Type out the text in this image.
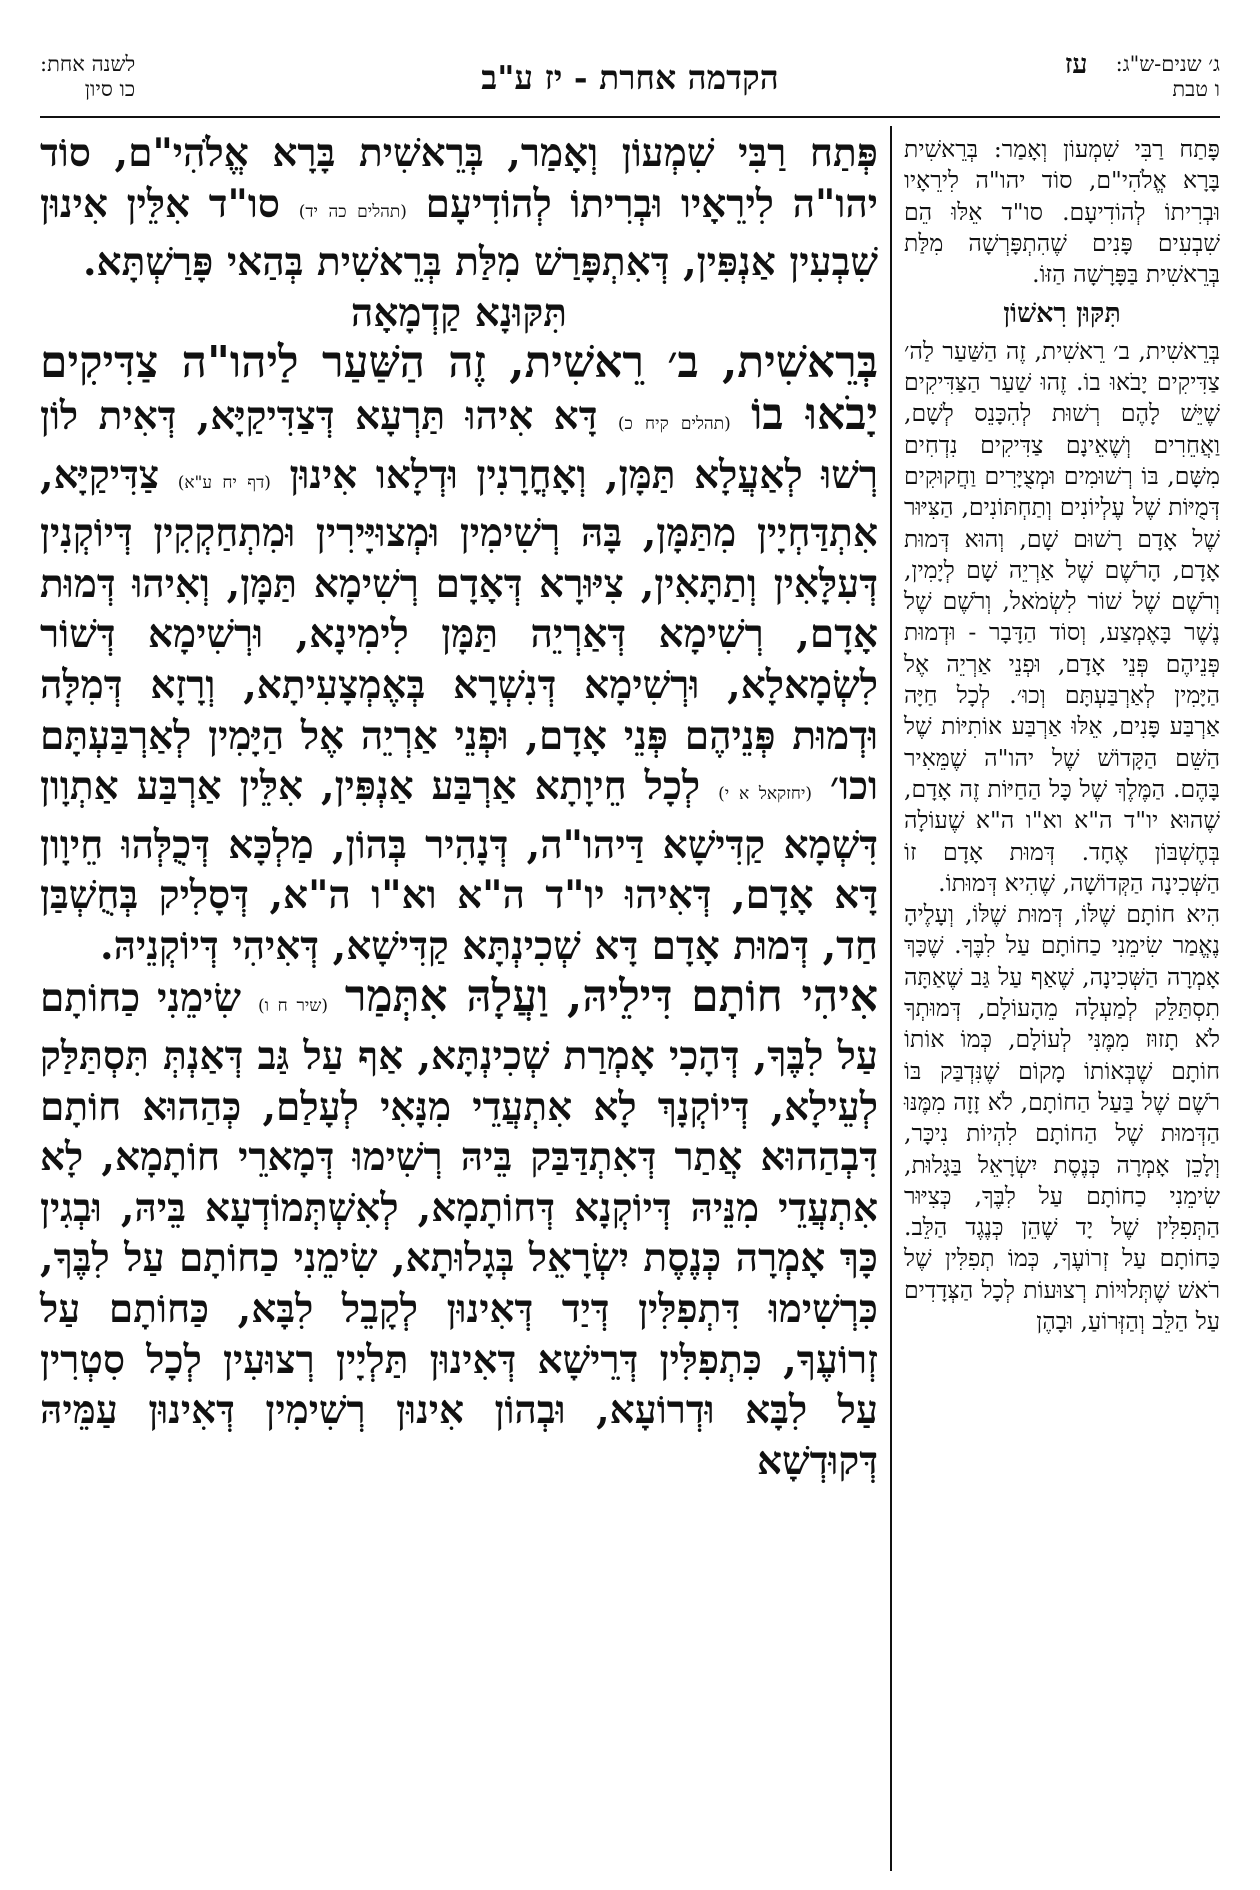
לשנה אחת:
כו סיון	הקדמה אחרת - יז ע"ב	ג׳ שנים-ש"ג:
ו טבת
עז

פְּתַח רַבִּי שִׁמְעוֹן וְאָמַר, בְּרֵאשִׁית בָּרָא אֱלֹהִי"ם, סוֹד יהו"ה לִירֵאָיו וּבְרִיתוֹ לְהוֹדִיעָם (תהלים כה יד) סו"ד אִלֵּין אִינוּן שִׁבְעִין אַנְפִּין, דְּאִתְפָּרַשׁ מִלַּת בְּרֵאשִׁית בְּהַאי פָּרַשְׁתָּא.

תִּקּוּנָא קַדְמָאָה

בְּרֵאשִׁית, ב׳ רֵאשִׁית, זֶה הַשַּׁעַר לַיהו"ה צַדִּיקִים יָבֹאוּ בוֹ (תהלים קיח כ) דָּא אִיהוּ תַּרְעָא דְּצַדִּיקַיָּא, דְּאִית לוֹן רְשׁוּ לְאַעֲלָא תַּמָּן, וְאָחֳרָנִין וּדְלָאו אִינוּן (דף יח ע"א) צַדִּיקַיָּא, אִתְדַּחְיָין מִתַּמָּן, בָּהּ רְשִׁימִין וּמְצוּיָּירִין וּמִתְחַקְקִין דְּיוֹקְנִין דְּעִלָּאִין וְתַתָּאִין, צִיּוּרָא דְּאָדָם רְשִׁימָא תַּמָּן, וְאִיהוּ דְּמוּת אָדָם, רְשִׁימָא דְּאַרְיֵה תַּמָּן לִימִינָא, וּרְשִׁימָא דְּשׁוֹר לִשְׂמָאלָא, וּרְשִׁימָא דְּנִשְׁרָא בְּאֶמְצָעִיתָא, וְרָזָא דְּמִלָּה וּדְמוּת פְּנֵיהֶם פְּנֵי אָדָם, וּפְנֵי אַרְיֵה אֶל הַיָּמִין לְאַרְבַּעְתָּם וכו׳ (יחזקאל א י) לְכָל חֵיוָתָא אַרְבַּע אַנְפִּין, אִלֵּין אַרְבַּע אַתְוָון דִּשְׁמָא קַדִּישָׁא דַּיהו"ה, דְּנָהִיר בְּהוֹן, מַלְכָּא דְּכֻלְּהוּ חֵיוָון דָּא אָדָם, דְּאִיהוּ יו"ד ה"א וא"ו ה"א, דְּסָלִיק בְּחֻשְׁבַּן חַד, דְּמוּת אָדָם דָּא שְׁכִינְתָּא קַדִּישָׁא, דְּאִיהִי דְּיוֹקְנֵיהּ.

אִיהִי חוֹתָם דִּילֵיהּ, וַעֲלָהּ אִתְּמַר (שיר ח ו) שִׂימֵנִי כַחוֹתָם עַל לִבֶּךָ, דְּהָכִי אָמְרַת שְׁכִינְתָּא, אַף עַל גַּב דְּאַנְתְּ תִּסְתַּלַּק לְעֵילָא, דְּיוֹקְנָךְ לָא אִתְעֲדֵי מִנָּאִי לְעָלַם, כְּהַהוּא חוֹתָם דִּבְהַהוּא אֲתַר דְּאִתְדַּבַּק בֵּיהּ רְשִׁימוּ דְּמָארֵי חוֹתָמָא, לָא אִתְעֲדֵי מִנֵּיהּ דְּיוֹקְנָא דְּחוֹתָמָא, לְאִשְׁתְּמוֹדְעָא בֵּיהּ, וּבְגִין כָּךְ אָמְרָה כְּנֶסֶת יִשְׂרָאֵל בְּגָלוּתָא, שִׂימֵנִי כַחוֹתָם עַל לִבֶּךָ, כִּרְשִׁימוּ דִּתְפִלִּין דְּיַד דְּאִינוּן לְקָבֵל לִבָּא, כַּחוֹתָם עַל זְרוֹעֶךָ, כִּתְפִלִּין דְּרֵישָׁא דְּאִינוּן תַּלְיָין רְצוּעִין לְכָל סִטְרִין עַל לִבָּא וּדְרוֹעָא, וּבְהוֹן אִינוּן רְשִׁימִין דְּאִינוּן עַמֵּיהּ דְּקוּדְשָׁא

פָּתַח רַבִּי שִׁמְעוֹן וְאָמַר: בְּרֵאשִׁית בָּרָא אֱלֹהִי"ם, סוֹד יהו"ה לִירֵאָיו וּבְרִיתוֹ לְהוֹדִיעָם. סו"ד אֵלּוּ הֵם שִׁבְעִים פָּנִים שֶׁהִתְפָּרְשָׁה מִלַּת בְּרֵאשִׁית בַּפָּרָשָׁה הַזּוֹ.

תִּקּוּן רִאשׁוֹן

בְּרֵאשִׁית, ב׳ רֵאשִׁית, זֶה הַשַּׁעַר לַה׳ צַדִּיקִים יָבֹאוּ בוֹ. זֶהוּ שַׁעַר הַצַּדִּיקִים שֶׁיֵּשׁ לָהֶם רְשׁוּת לְהִכָּנֵס לְשָׁם, וַאֲחֵרִים וְשֶׁאֵינָם צַדִּיקִים נִדְחִים מִשָּׁם, בּוֹ רְשׁוּמִים וּמְצֻיָּרִים וַחֲקוּקִים דְּמֻיּוֹת שֶׁל עֶלְיוֹנִים וְתַחְתּוֹנִים, הַצִּיּוּר שֶׁל אָדָם רָשׁוּם שָׁם, וְהוּא דְּמוּת אָדָם, הָרֹשֶׁם שֶׁל אַרְיֵה שָׁם לְיָמִין, וְרֹשֶׁם שֶׁל שׁוֹר לִשְׂמֹאל, וְרֹשֶׁם שֶׁל נֶשֶׁר בָּאֶמְצַע, וְסוֹד הַדָּבָר - וּדְמוּת פְּנֵיהֶם פְּנֵי אָדָם, וּפְנֵי אַרְיֵה אֶל הַיָּמִין לְאַרְבַּעְתָּם וְכוּ׳. לְכָל חַיָּה אַרְבַּע פָּנִים, אֵלּוּ אַרְבַּע אוֹתִיּוֹת שֶׁל הַשֵּׁם הַקָּדוֹשׁ שֶׁל יהו"ה שֶׁמֵּאִיר בָּהֶם. הַמֶּלֶךְ שֶׁל כָּל הַחַיּוֹת זֶה אָדָם, שֶׁהוּא יו"ד ה"א וא"ו ה"א שֶׁעוֹלָה בְּחֶשְׁבּוֹן אֶחָד. דְּמוּת אָדָם זוֹ הַשְּׁכִינָה הַקְּדוֹשָׁה, שֶׁהִיא דְּמוּתוֹ.

הִיא חוֹתָם שֶׁלּוֹ, דְּמוּת שֶׁלּוֹ, וְעָלֶיהָ נֶאֱמַר שִׂימֵנִי כַחוֹתָם עַל לִבֶּךָ. שֶׁכָּךְ אָמְרָה הַשְּׁכִינָה, שֶׁאַף עַל גַּב שֶׁאַתָּה תִסְתַּלֵּק לְמַעְלָה מֵהָעוֹלָם, דְּמוּתְךָ לֹא תָזוּז מִמֶּנִּי לְעוֹלָם, כְּמוֹ אוֹתוֹ חוֹתָם שֶׁבְּאוֹתוֹ מָקוֹם שֶׁנִּדְבַּק בּוֹ רֹשֶׁם שֶׁל בַּעַל הַחוֹתָם, לֹא זָזָה מִמֶּנּוּ הַדְּמוּת שֶׁל הַחוֹתָם לִהְיוֹת נִיכָּר, וְלָכֵן אָמְרָה כְּנֶסֶת יִשְׂרָאֵל בַּגָּלוּת, שִׂימֵנִי כַחוֹתָם עַל לִבֶּךָ, כְּצִיּוּר הַתְּפִלִּין שֶׁל יָד שֶׁהֵן כְּנֶגֶד הַלֵּב. כַּחוֹתָם עַל זְרוֹעֶךָ, כְּמוֹ תְפִלִּין שֶׁל רֹאשׁ שֶׁתְּלוּיוֹת רְצוּעוֹת לְכָל הַצְּדָדִים עַל הַלֵּב וְהַזְּרוֹעַ, וּבָהֶן
